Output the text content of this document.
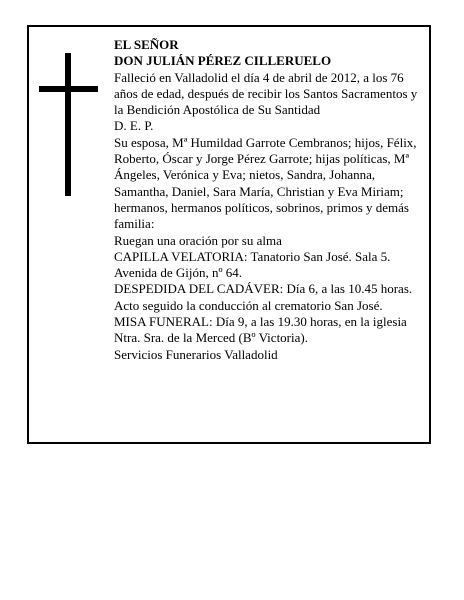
EL SEÑOR

DON JULIÁN PÉREZ CILLERUELO

Falleció en Valladolid el día 4 de abril de 2012, a los 76 años de edad, después de recibir los Santos Sacramentos y la Bendición Apostólica de Su Santidad

D. E. P.

Su esposa, Mª Humildad Garrote Cembranos; hijos, Félix, Roberto, Óscar y Jorge Pérez Garrote; hijas políticas, Mª Ángeles, Verónica y Eva; nietos, Sandra, Johanna, Samantha, Daniel, Sara María, Christian y Eva Miriam; hermanos, hermanos políticos, sobrinos, primos y demás familia:

Ruegan una oración por su alma

CAPILLA VELATORIA: Tanatorio San José. Sala 5. Avenida de Gijón, nº 64.

DESPEDIDA DEL CADÁVER: Día 6, a las 10.45 horas. Acto seguido la conducción al crematorio San José.

MISA FUNERAL: Día 9, a las 19.30 horas, en la iglesia Ntra. Sra. de la Merced (Bº Victoria).

Servicios Funerarios Valladolid
